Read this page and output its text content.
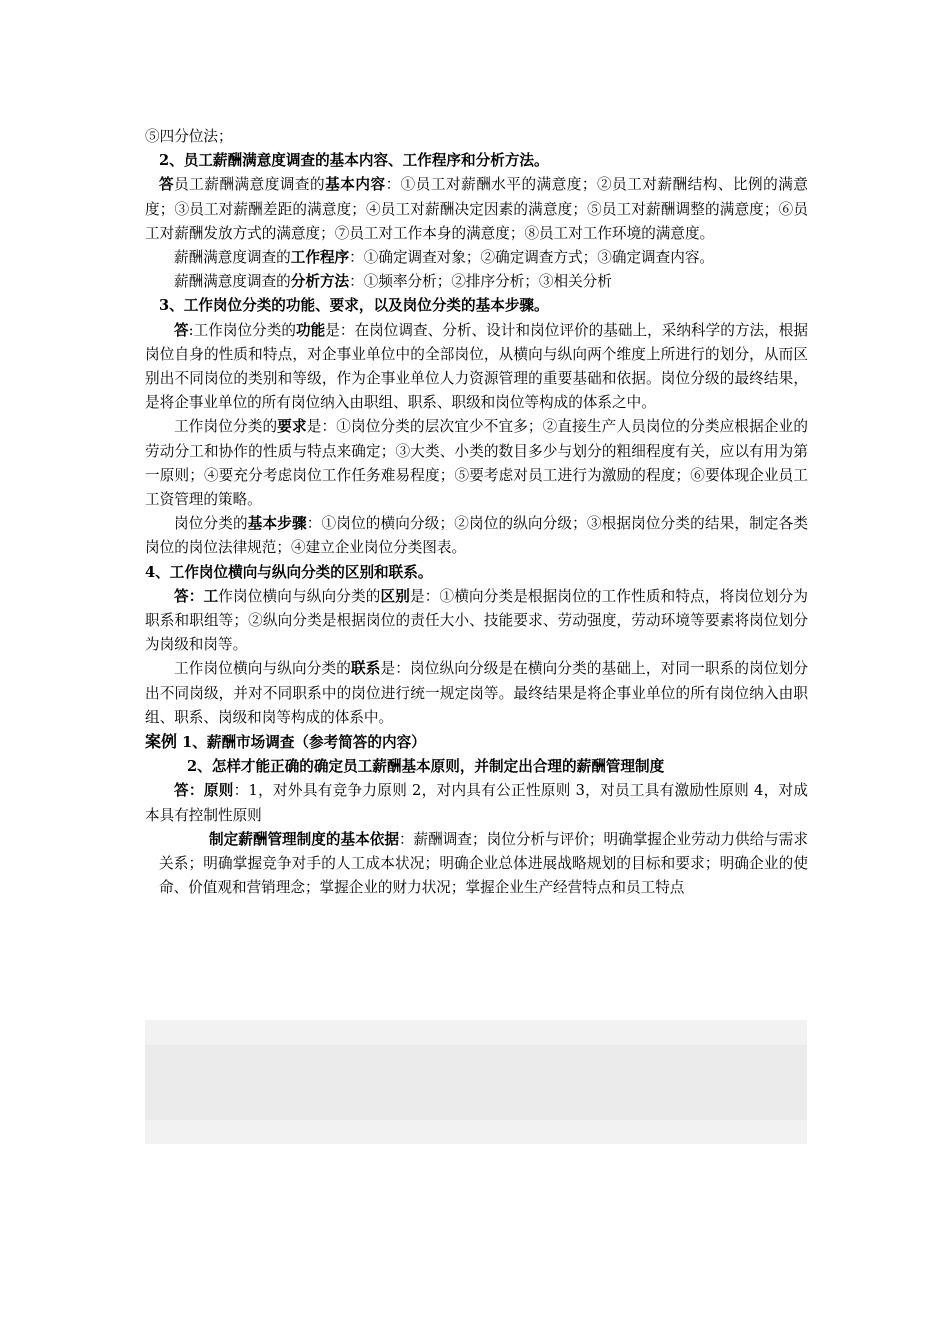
⑤四分位法；

2、员工薪酬满意度调查的基本内容、工作程序和分析方法。

答员工薪酬满意度调查的基本内容：①员工对薪酬水平的满意度；②员工对薪酬结构、比例的满意度；③员工对薪酬差距的满意度；④员工对薪酬决定因素的满意度；⑤员工对薪酬调整的满意度；⑥员工对薪酬发放方式的满意度；⑦员工对工作本身的满意度；⑧员工对工作环境的满意度。

薪酬满意度调查的工作程序：①确定调查对象；②确定调查方式；③确定调查内容。

薪酬满意度调查的分析方法：①频率分析；②排序分析；③相关分析

3、工作岗位分类的功能、要求，以及岗位分类的基本步骤。

答:工作岗位分类的功能是：在岗位调查、分析、设计和岗位评价的基础上，采纳科学的方法，根据岗位自身的性质和特点，对企事业单位中的全部岗位，从横向与纵向两个维度上所进行的划分，从而区别出不同岗位的类别和等级，作为企事业单位人力资源管理的重要基础和依据。岗位分级的最终结果，是将企事业单位的所有岗位纳入由职组、职系、职级和岗位等构成的体系之中。

工作岗位分类的要求是：①岗位分类的层次宜少不宜多；②直接生产人员岗位的分类应根据企业的劳动分工和协作的性质与特点来确定；③大类、小类的数目多少与划分的粗细程度有关，应以有用为第一原则；④要充分考虑岗位工作任务难易程度；⑤要考虑对员工进行为激励的程度；⑥要体现企业员工工资管理的策略。

岗位分类的基本步骤：①岗位的横向分级；②岗位的纵向分级；③根据岗位分类的结果，制定各类岗位的岗位法律规范；④建立企业岗位分类图表。

4、工作岗位横向与纵向分类的区别和联系。

答：工作岗位横向与纵向分类的区别是：①横向分类是根据岗位的工作性质和特点，将岗位划分为职系和职组等；②纵向分类是根据岗位的责任大小、技能要求、劳动强度，劳动环境等要素将岗位划分为岗级和岗等。

工作岗位横向与纵向分类的联系是：岗位纵向分级是在横向分类的基础上，对同一职系的岗位划分出不同岗级，并对不同职系中的岗位进行统一规定岗等。最终结果是将企事业单位的所有岗位纳入由职组、职系、岗级和岗等构成的体系中。

案例 1、薪酬市场调查（参考简答的内容）

2、怎样才能正确的确定员工薪酬基本原则，并制定出合理的薪酬管理制度

答：原则：1，对外具有竞争力原则 2，对内具有公正性原则 3，对员工具有激励性原则 4，对成本具有控制性原则

制定薪酬管理制度的基本依据：薪酬调查；岗位分析与评价；明确掌握企业劳动力供给与需求关系；明确掌握竞争对手的人工成本状况；明确企业总体进展战略规划的目标和要求；明确企业的使命、价值观和营销理念；掌握企业的财力状况；掌握企业生产经营特点和员工特点
